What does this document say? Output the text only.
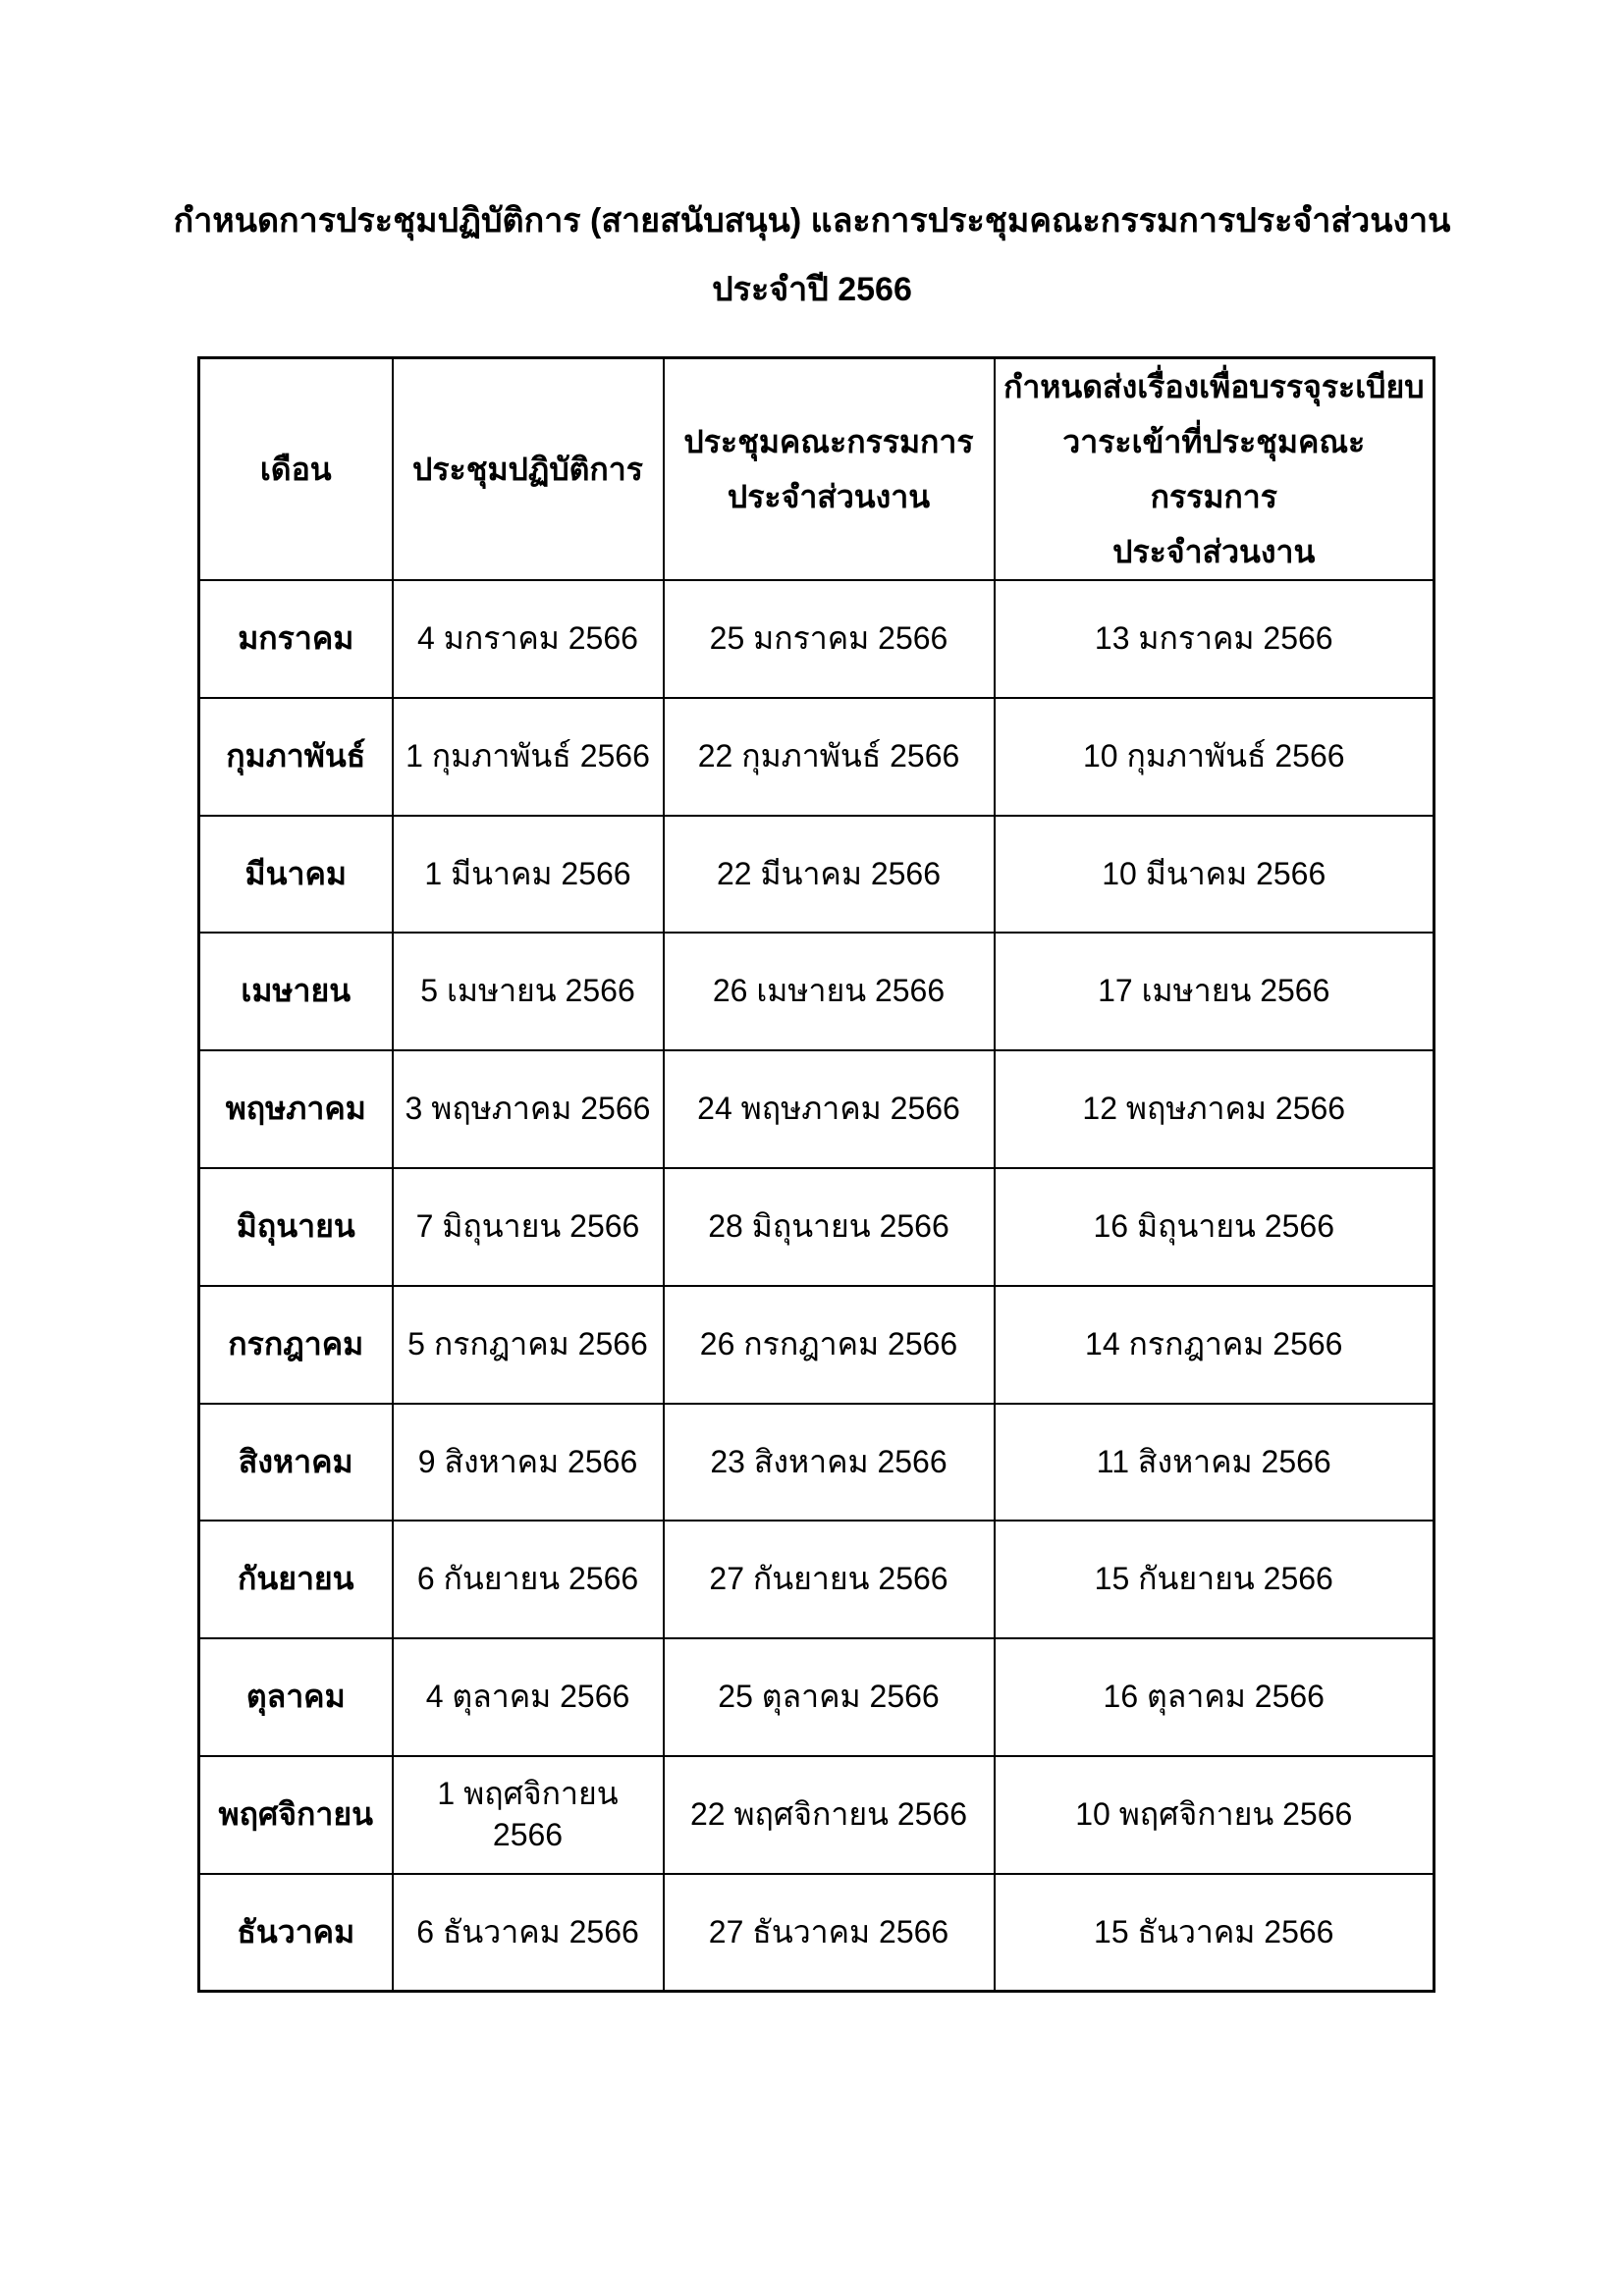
กำหนดการประชุมปฏิบัติการ (สายสนับสนุน) และการประชุมคณะกรรมการประจำส่วนงาน
ประจำปี 2566
เดือน	ประชุมปฏิบัติการ

ประชุมคณะกรรมการ
ประจำส่วนงาน

กำหนดส่งเรื่องเพื่อบรรจุระเบียบ
วาระเข้าที่ประชุมคณะกรรมการ
ประจำส่วนงาน

มกราคม	4 มกราคม 2566	25 มกราคม 2566	13 มกราคม 2566
กุมภาพันธ์	1 กุมภาพันธ์ 2566	22 กุมภาพันธ์ 2566	10 กุมภาพันธ์ 2566
มีนาคม	1 มีนาคม 2566	22 มีนาคม 2566	10 มีนาคม 2566
เมษายน	5 เมษายน 2566	26 เมษายน 2566	17 เมษายน 2566
พฤษภาคม	3 พฤษภาคม 2566	24 พฤษภาคม 2566	12 พฤษภาคม 2566
มิถุนายน	7 มิถุนายน 2566	28 มิถุนายน 2566	16 มิถุนายน 2566
กรกฎาคม	5 กรกฎาคม 2566	26 กรกฎาคม 2566	14 กรกฎาคม 2566
สิงหาคม	9 สิงหาคม 2566	23 สิงหาคม 2566	11 สิงหาคม 2566
กันยายน	6 กันยายน 2566	27 กันยายน 2566	15 กันยายน 2566
ตุลาคม	4 ตุลาคม 2566	25 ตุลาคม 2566	16 ตุลาคม 2566
พฤศจิกายน	1 พฤศจิกายน 2566	22 พฤศจิกายน 2566	10 พฤศจิกายน 2566
ธันวาคม	6 ธันวาคม 2566	27 ธันวาคม 2566	15 ธันวาคม 2566
